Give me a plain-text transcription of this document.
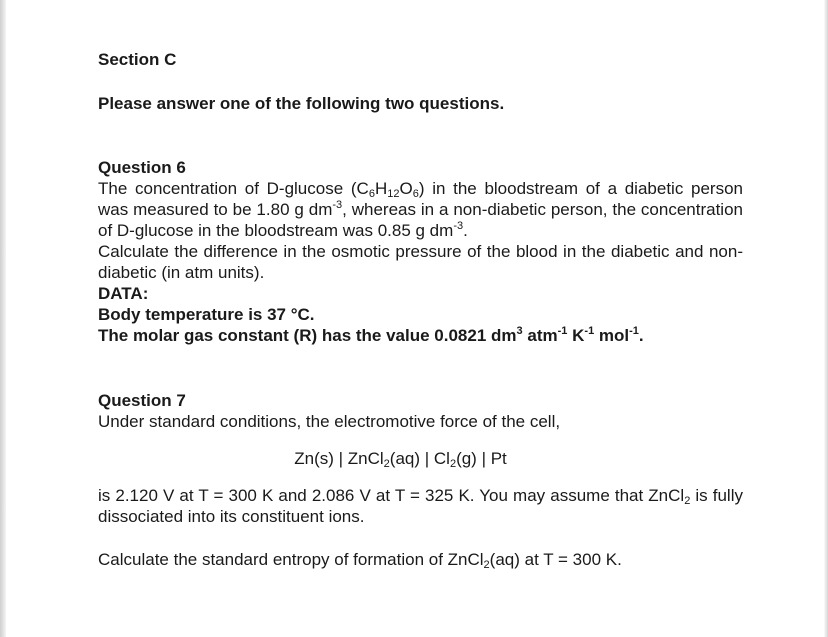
Section C

Please answer one of the following two questions.

Question 6

The concentration of D-glucose $(C_6H_{12}O_6)$ in the bloodstream of a diabetic person was measured to be 1.80 g $dm^{-3}$, whereas in a non-diabetic person, the concentration of D-glucose in the bloodstream was 0.85 g $dm^{-3}$.

Calculate the difference in the osmotic pressure of the blood in the diabetic and non-diabetic (in atm units).

DATA:

Body temperature is 37 °C.

The molar gas constant (R) has the value 0.0821 $dm^3$ atm$^{-1}$ $K^{-1}$ mol$^{-1}$.

Question 7

Under standard conditions, the electromotive force of the cell,

Zn(s) | ZnCl$_2$(aq) | $Cl_2(g)$ | Pt

is 2.120 V at T = 300 K and 2.086 V at T = 325 K. You may assume that ZnCl$_2$ is fully dissociated into its constituent ions.

Calculate the standard entropy of formation of ZnCl$_2$(aq) at T = 300 K.
